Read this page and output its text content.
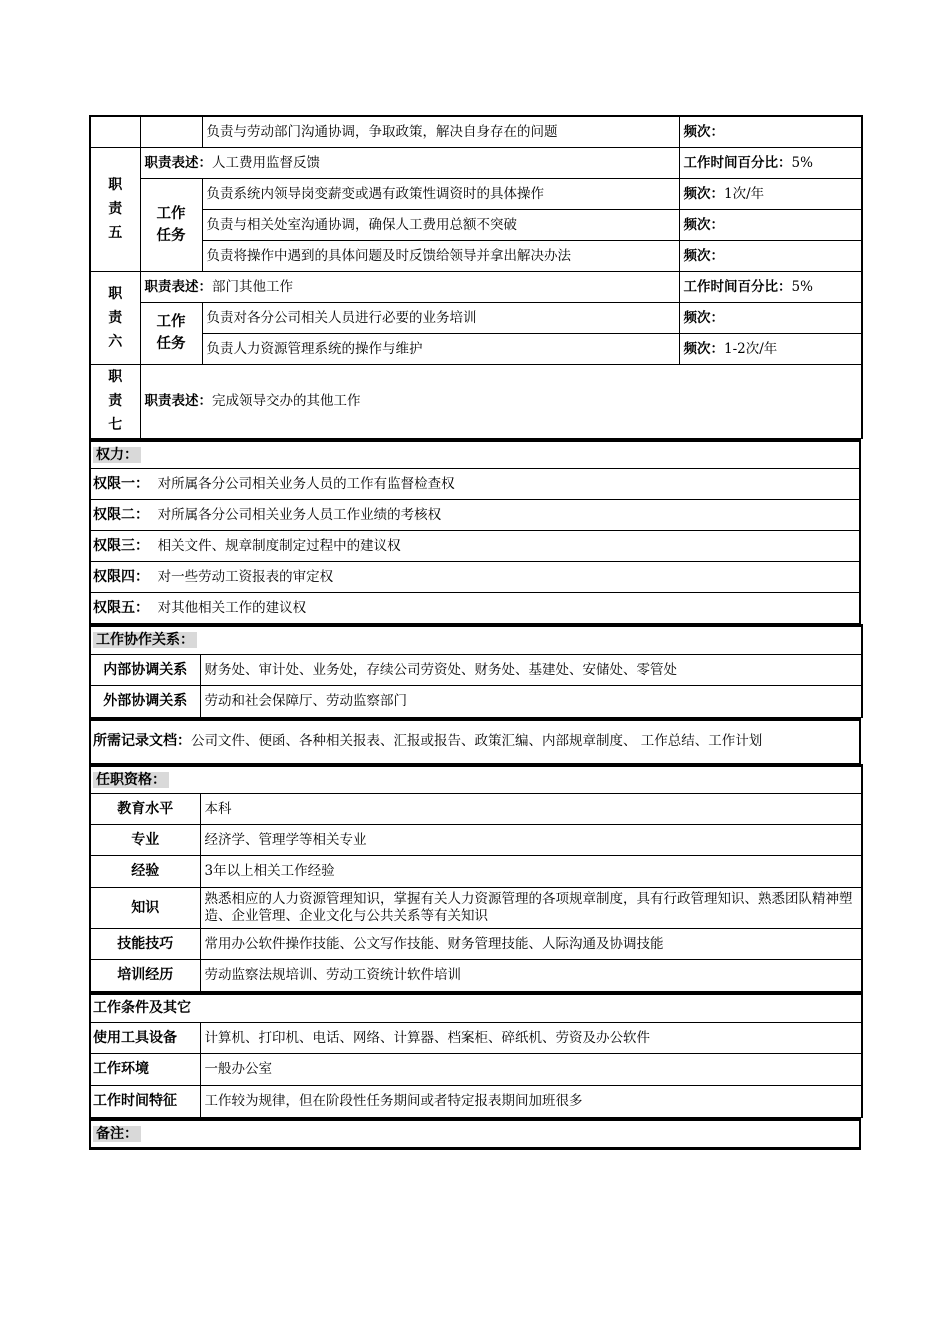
		负责与劳动部门沟通协调，争取政策，解决自身存在的问题	频次：
职
责
五	职责表述：人工费用监督反馈		工作时间百分比：5%
	工作
任务	负责系统内领导岗变薪变或遇有政策性调资时的具体操作	频次：1次/年
		负责与相关处室沟通协调，确保人工费用总额不突破	频次：
		负责将操作中遇到的具体问题及时反馈给领导并拿出解决办法	频次：
职
责
六	职责表述：部门其他工作		工作时间百分比：5%
	工作
任务	负责对各分公司相关人员进行必要的业务培训	频次：
		负责人力资源管理系统的操作与维护	频次：1-2次/年
职
责
七	职责表述：完成领导交办的其他工作		
权力：
权限一： 对所属各分公司相关业务人员的工作有监督检查权
权限二： 对所属各分公司相关业务人员工作业绩的考核权
权限三： 相关文件、规章制度制定过程中的建议权
权限四： 对一些劳动工资报表的审定权
权限五： 对其他相关工作的建议权
工作协作关系：	
内部协调关系	财务处、审计处、业务处，存续公司劳资处、财务处、基建处、安储处、零管处
外部协调关系	劳动和社会保障厅、劳动监察部门
所需记录文档：公司文件、便函、各种相关报表、汇报或报告、政策汇编、内部规章制度、 工作总结、工作计划
任职资格：	
教育水平	本科
专业	经济学、管理学等相关专业
经验	3年以上相关工作经验
知识	熟悉相应的人力资源管理知识，掌握有关人力资源管理的各项规章制度，具有行政管理知识、熟悉团队精神塑造、企业管理、企业文化与公共关系等有关知识
技能技巧	常用办公软件操作技能、公文写作技能、财务管理技能、人际沟通及协调技能
培训经历	劳动监察法规培训、劳动工资统计软件培训
工作条件及其它	
使用工具设备	计算机、打印机、电话、网络、计算器、档案柜、碎纸机、劳资及办公软件
工作环境	一般办公室
工作时间特征	工作较为规律，但在阶段性任务期间或者特定报表期间加班很多
备注：
